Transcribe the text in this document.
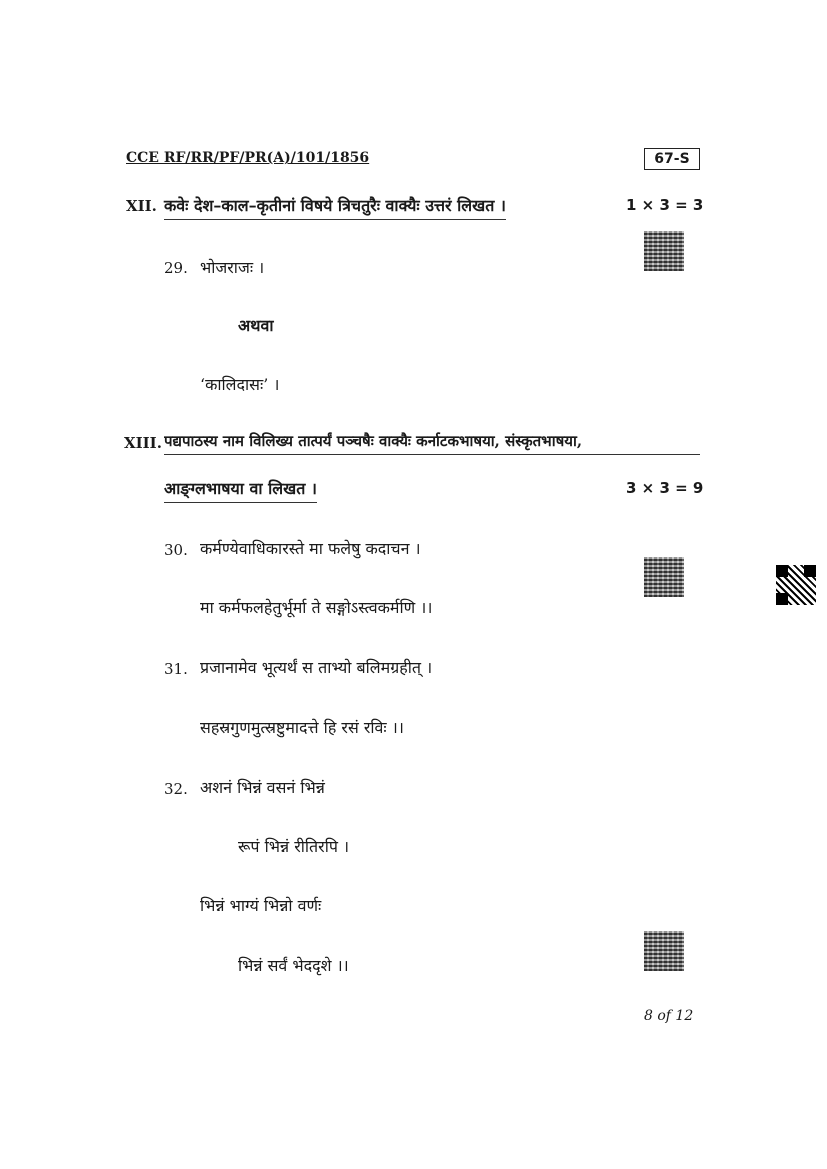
CCE RF/RR/PF/PR(A)/101/1856	67-S
XII. कवेः देश–काल–कृतीनां विषये त्रिचतुरैः वाक्यैः उत्तरं लिखत ।	1 × 3 = 3
29. भोजराजः ।
अथवा
‘कालिदासः’ ।
XIII. पद्यपाठस्य नाम विलिख्य तात्पर्यं पञ्चषैः वाक्यैः कर्नाटकभाषया, संस्कृतभाषया,
आङ्ग्लभाषया वा लिखत ।	3 × 3 = 9
30. कर्मण्येवाधिकारस्ते मा फलेषु कदाचन ।
मा कर्मफलहेतुर्भूर्मा ते सङ्गोऽस्त्वकर्मणि ।।
31. प्रजानामेव भूत्यर्थं स ताभ्यो बलिमग्रहीत् ।
सहस्रगुणमुत्स्रष्टुमादत्ते हि रसं रविः ।।
32. अशनं भिन्नं वसनं भिन्नं
रूपं भिन्नं रीतिरपि ।
भिन्नं भाग्यं भिन्नो वर्णः
भिन्नं सर्वं भेददृशे ।।
8 of 12
